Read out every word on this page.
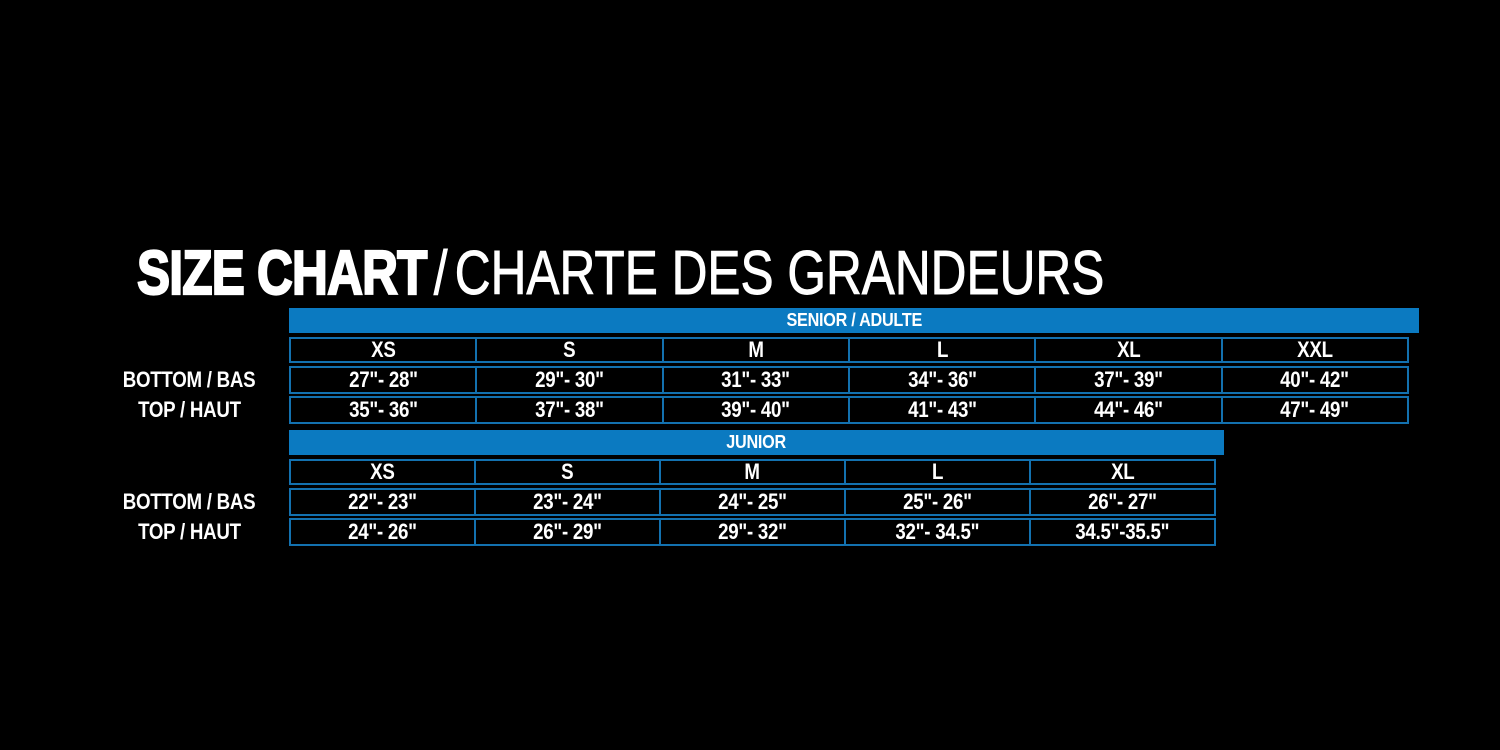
SIZE CHART / CHARTE DES GRANDEURS
SENIOR / ADULTE
XS	S	M	L	XL	XXL
BOTTOM / BAS	27"- 28"	29"- 30"	31"- 33"	34"- 36"	37"- 39"	40"- 42"
TOP / HAUT	35"- 36"	37"- 38"	39"- 40"	41"- 43"	44"- 46"	47"- 49"
JUNIOR
XS	S	M	L	XL
BOTTOM / BAS	22"- 23"	23"- 24"	24"- 25"	25"- 26"	26"- 27"
TOP / HAUT	24"- 26"	26"- 29"	29"- 32"	32"- 34.5"	34.5"-35.5"
